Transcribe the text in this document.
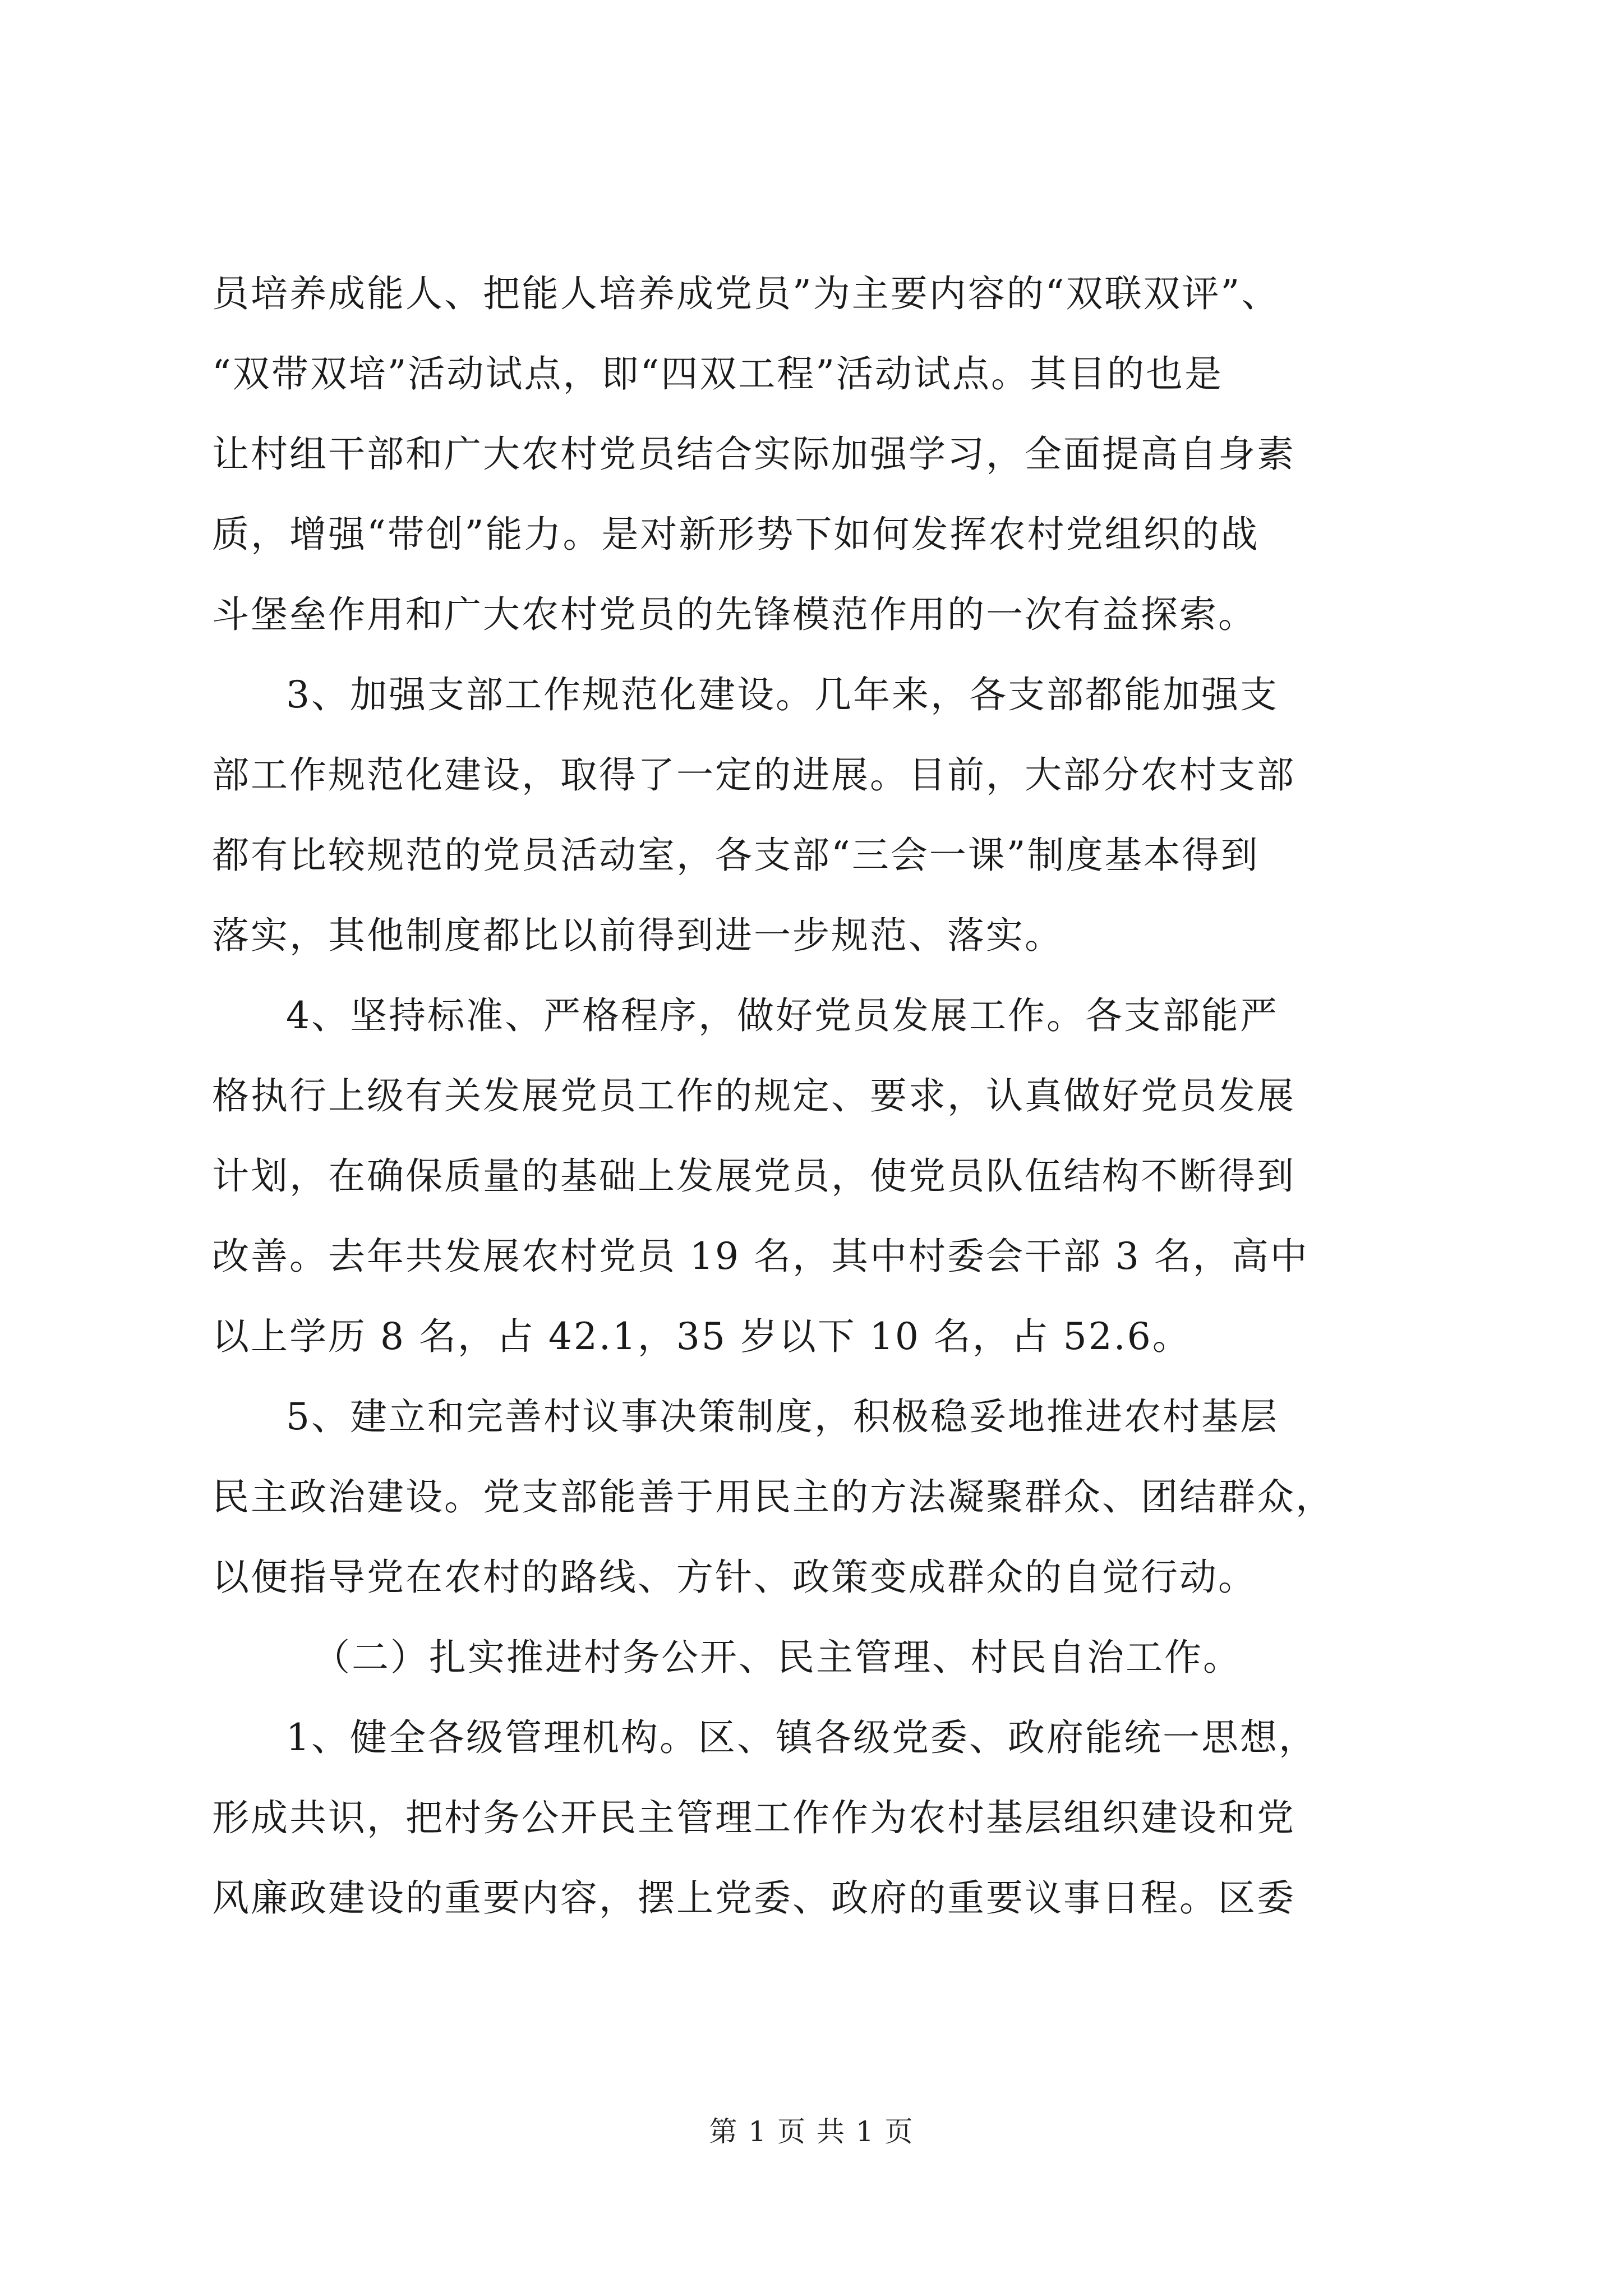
员培养成能人、把能人培养成党员”为主要内容的“双联双评”、
“双带双培”活动试点，即“四双工程”活动试点。其目的也是
让村组干部和广大农村党员结合实际加强学习，全面提高自身素
质，增强“带创”能力。是对新形势下如何发挥农村党组织的战
斗堡垒作用和广大农村党员的先锋模范作用的一次有益探索。
3、加强支部工作规范化建设。几年来，各支部都能加强支
部工作规范化建设，取得了一定的进展。目前，大部分农村支部
都有比较规范的党员活动室，各支部“三会一课”制度基本得到
落实，其他制度都比以前得到进一步规范、落实。
4、坚持标准、严格程序，做好党员发展工作。各支部能严
格执行上级有关发展党员工作的规定、要求，认真做好党员发展
计划，在确保质量的基础上发展党员，使党员队伍结构不断得到
改善。去年共发展农村党员 19 名，其中村委会干部 3 名，高中
以上学历 8 名，占 42.1，35 岁以下 10 名，占 52.6。
5、建立和完善村议事决策制度，积极稳妥地推进农村基层
民主政治建设。党支部能善于用民主的方法凝聚群众、团结群众，
以便指导党在农村的路线、方针、政策变成群众的自觉行动。
（二）扎实推进村务公开、民主管理、村民自治工作。
1、健全各级管理机构。区、镇各级党委、政府能统一思想，
形成共识，把村务公开民主管理工作作为农村基层组织建设和党
风廉政建设的重要内容，摆上党委、政府的重要议事日程。区委
第 1 页 共 1 页
